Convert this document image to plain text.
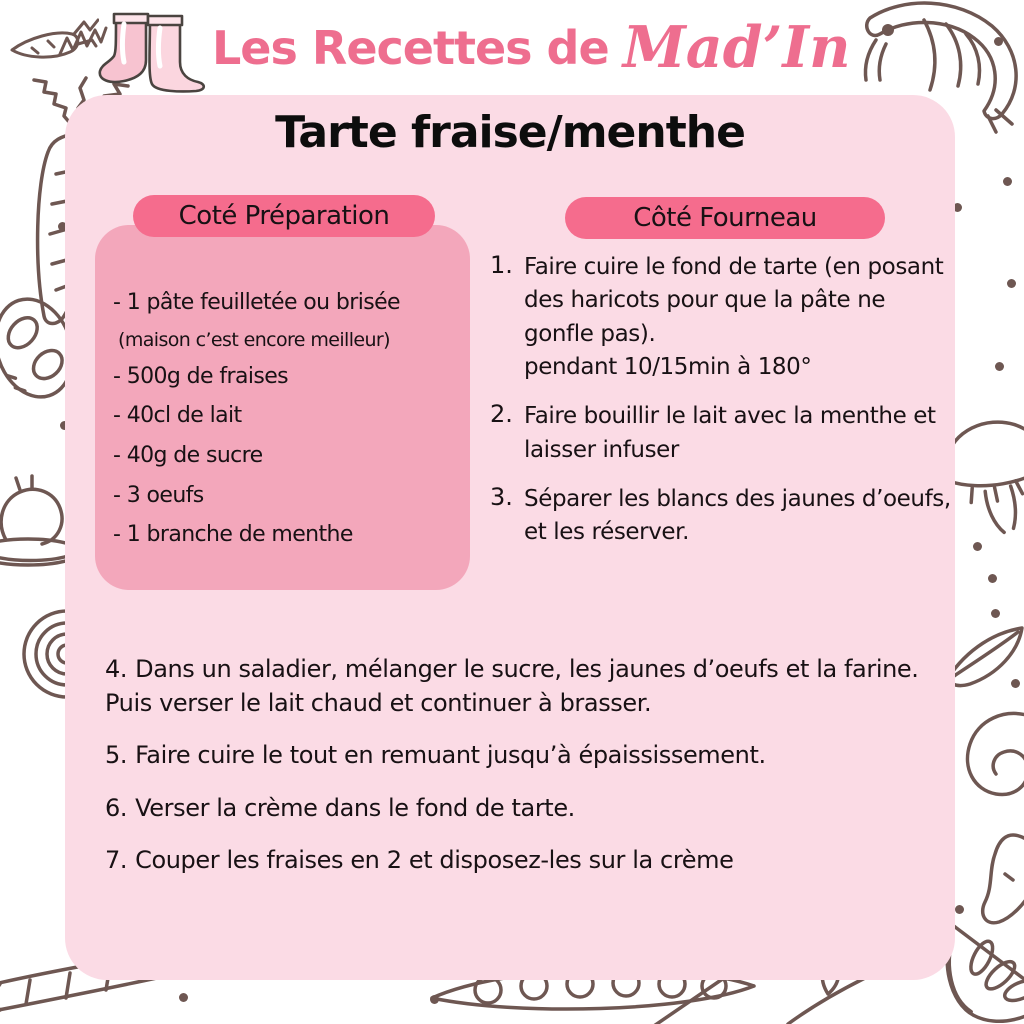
Les Recettes de Mad’In
Tarte fraise/menthe
Coté Préparation
- 1 pâte feuilletée ou brisée
(maison c’est encore meilleur)
- 500g de fraises
- 40cl de lait
- 40g de sucre
- 3 oeufs
- 1 branche de menthe
Côté Fourneau
1. Faire cuire le fond de tarte (en posant des haricots pour que la pâte ne gonfle pas).
pendant 10/15min à 180°
2. Faire bouillir le lait avec la menthe et laisser infuser
3. Séparer les blancs des jaunes d’oeufs, et les réserver.
4. Dans un saladier, mélanger le sucre, les jaunes d’oeufs et la farine. Puis verser le lait chaud et continuer à brasser.
5. Faire cuire le tout en remuant jusqu’à épaississement.
6. Verser la crème dans le fond de tarte.
7. Couper les fraises en 2 et disposez-les sur la crème
